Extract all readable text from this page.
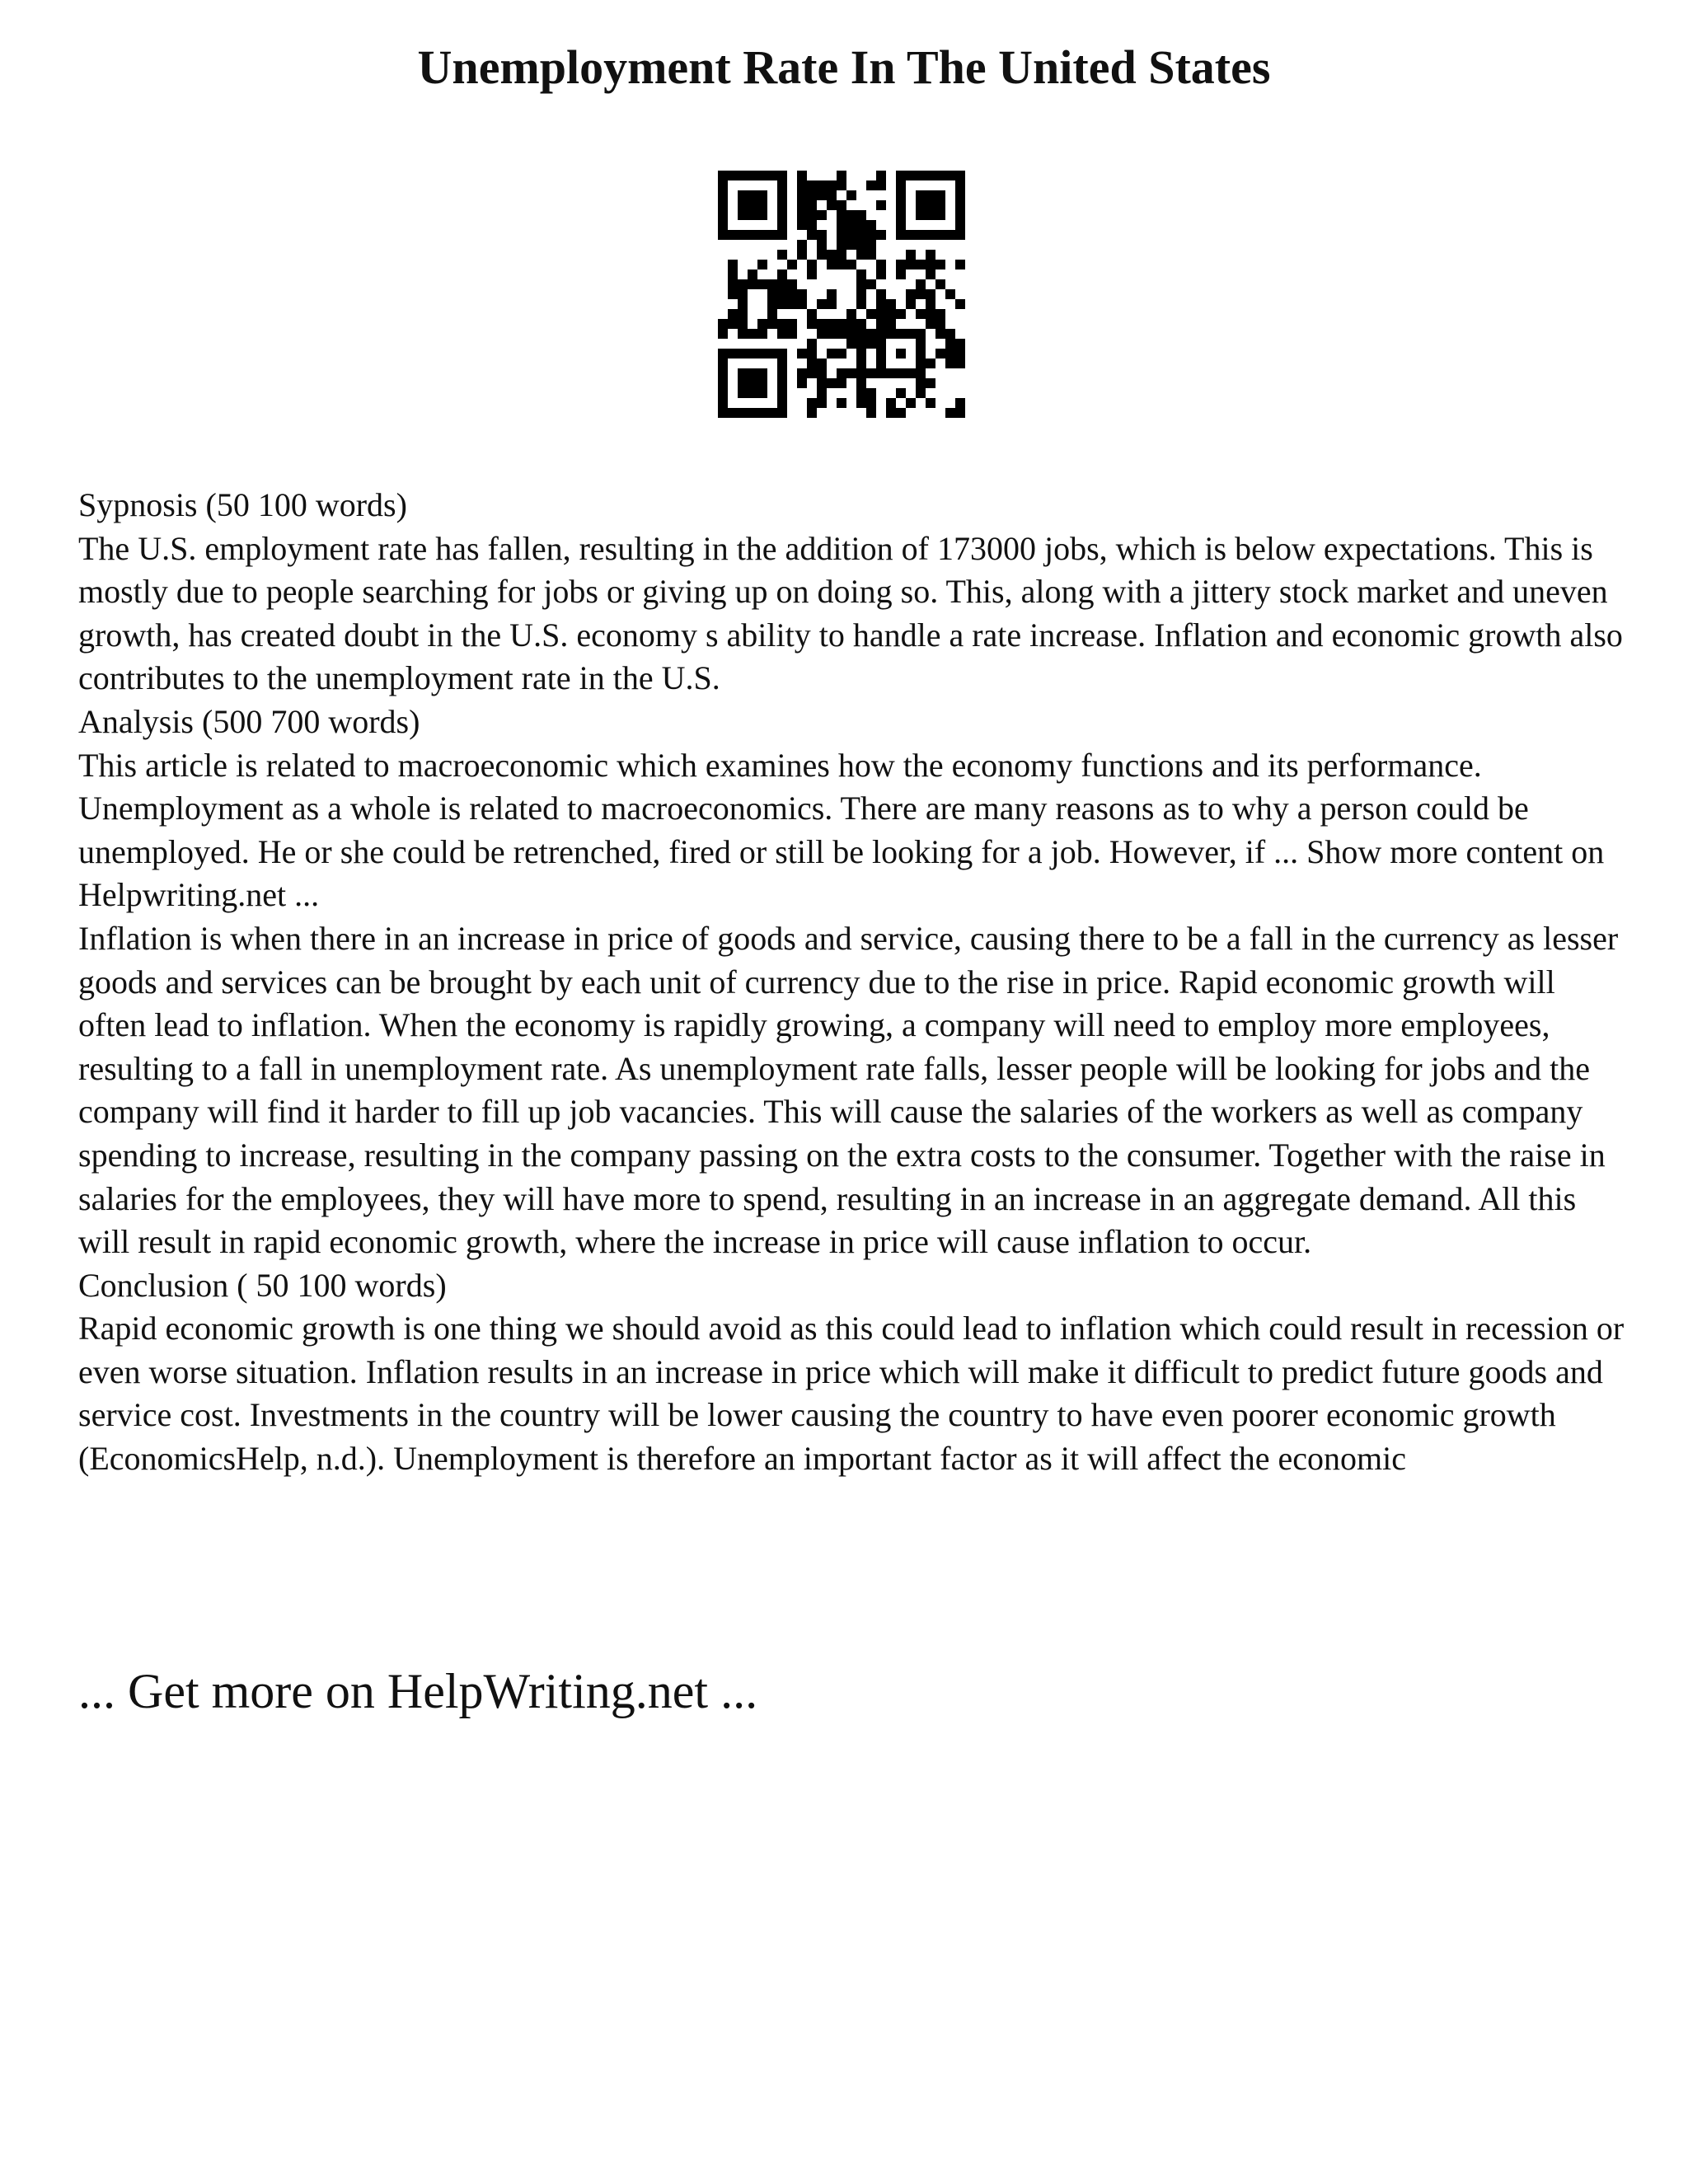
Unemployment Rate In The United States

Sypnosis (50 100 words)

The U.S. employment rate has fallen, resulting in the addition of 173000 jobs, which is below expectations. This is mostly due to people searching for jobs or giving up on doing so. This, along with a jittery stock market and uneven growth, has created doubt in the U.S. economy s ability to handle a rate increase. Inflation and economic growth also contributes to the unemployment rate in the U.S.

Analysis (500 700 words)

This article is related to macroeconomic which examines how the economy functions and its performance. Unemployment as a whole is related to macroeconomics. There are many reasons as to why a person could be unemployed. He or she could be retrenched, fired or still be looking for a job. However, if ... Show more content on Helpwriting.net ...

Inflation is when there in an increase in price of goods and service, causing there to be a fall in the currency as lesser goods and services can be brought by each unit of currency due to the rise in price. Rapid economic growth will often lead to inflation. When the economy is rapidly growing, a company will need to employ more employees, resulting to a fall in unemployment rate. As unemployment rate falls, lesser people will be looking for jobs and the company will find it harder to fill up job vacancies. This will cause the salaries of the workers as well as company spending to increase, resulting in the company passing on the extra costs to the consumer. Together with the raise in salaries for the employees, they will have more to spend, resulting in an increase in an aggregate demand. All this will result in rapid economic growth, where the increase in price will cause inflation to occur.

Conclusion ( 50 100 words)

Rapid economic growth is one thing we should avoid as this could lead to inflation which could result in recession or even worse situation. Inflation results in an increase in price which will make it difficult to predict future goods and service cost. Investments in the country will be lower causing the country to have even poorer economic growth (EconomicsHelp, n.d.). Unemployment is therefore an important factor as it will affect the economic

... Get more on HelpWriting.net ...
